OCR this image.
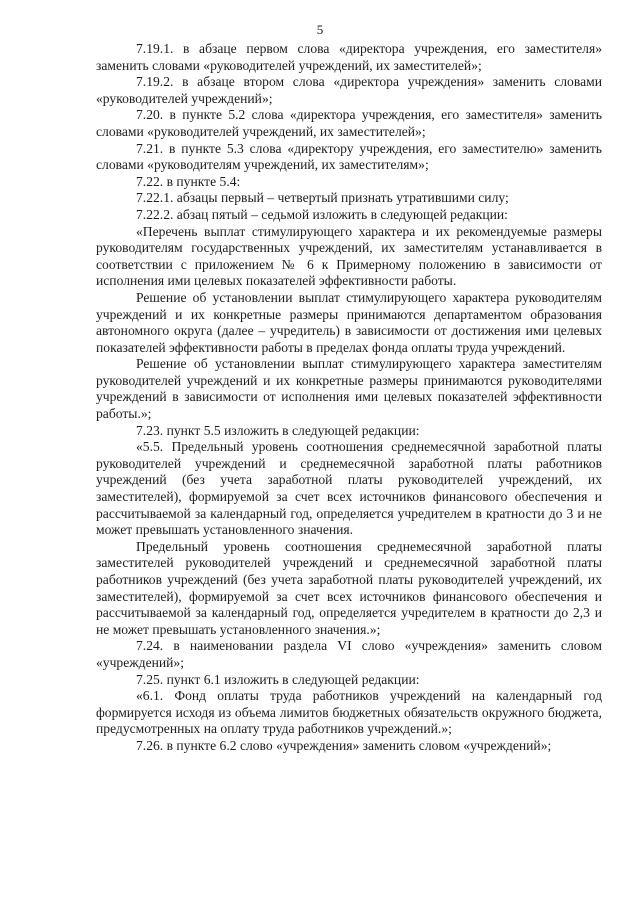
5

7.19.1. в абзаце первом слова «директора учреждения, его заместителя» заменить словами «руководителей учреждений, их заместителей»;

7.19.2. в абзаце втором слова «директора учреждения» заменить словами «руководителей учреждений»;

7.20. в пункте 5.2 слова «директора учреждения, его заместителя» заменить словами «руководителей учреждений, их заместителей»;

7.21. в пункте 5.3 слова «директору учреждения, его заместителю» заменить словами «руководителям учреждений, их заместителям»;

7.22. в пункте 5.4:

7.22.1. абзацы первый – четвертый признать утратившими силу;

7.22.2. абзац пятый – седьмой изложить в следующей редакции:

«Перечень выплат стимулирующего характера и их рекомендуемые размеры руководителям государственных учреждений, их заместителям устанавливается в соответствии с приложением № 6 к Примерному положению в зависимости от исполнения ими целевых показателей эффективности работы.

Решение об установлении выплат стимулирующего характера руководителям учреждений и их конкретные размеры принимаются департаментом образования автономного округа (далее – учредитель) в зависимости от достижения ими целевых показателей эффективности работы в пределах фонда оплаты труда учреждений.

Решение об установлении выплат стимулирующего характера заместителям руководителей учреждений и их конкретные размеры принимаются руководителями учреждений в зависимости от исполнения ими целевых показателей эффективности работы.»;

7.23. пункт 5.5 изложить в следующей редакции:

«5.5. Предельный уровень соотношения среднемесячной заработной платы руководителей учреждений и среднемесячной заработной платы работников учреждений (без учета заработной платы руководителей учреждений, их заместителей), формируемой за счет всех источников финансового обеспечения и рассчитываемой за календарный год, определяется учредителем в кратности до 3 и не может превышать установленного значения.

Предельный уровень соотношения среднемесячной заработной платы заместителей руководителей учреждений и среднемесячной заработной платы работников учреждений (без учета заработной платы руководителей учреждений, их заместителей), формируемой за счет всех источников финансового обеспечения и рассчитываемой за календарный год, определяется учредителем в кратности до 2,3 и не может превышать установленного значения.»;

7.24. в наименовании раздела VI слово «учреждения» заменить словом «учреждений»;

7.25. пункт 6.1 изложить в следующей редакции:

«6.1. Фонд оплаты труда работников учреждений на календарный год формируется исходя из объема лимитов бюджетных обязательств окружного бюджета, предусмотренных на оплату труда работников учреждений.»;

7.26. в пункте 6.2 слово «учреждения» заменить словом «учреждений»;
